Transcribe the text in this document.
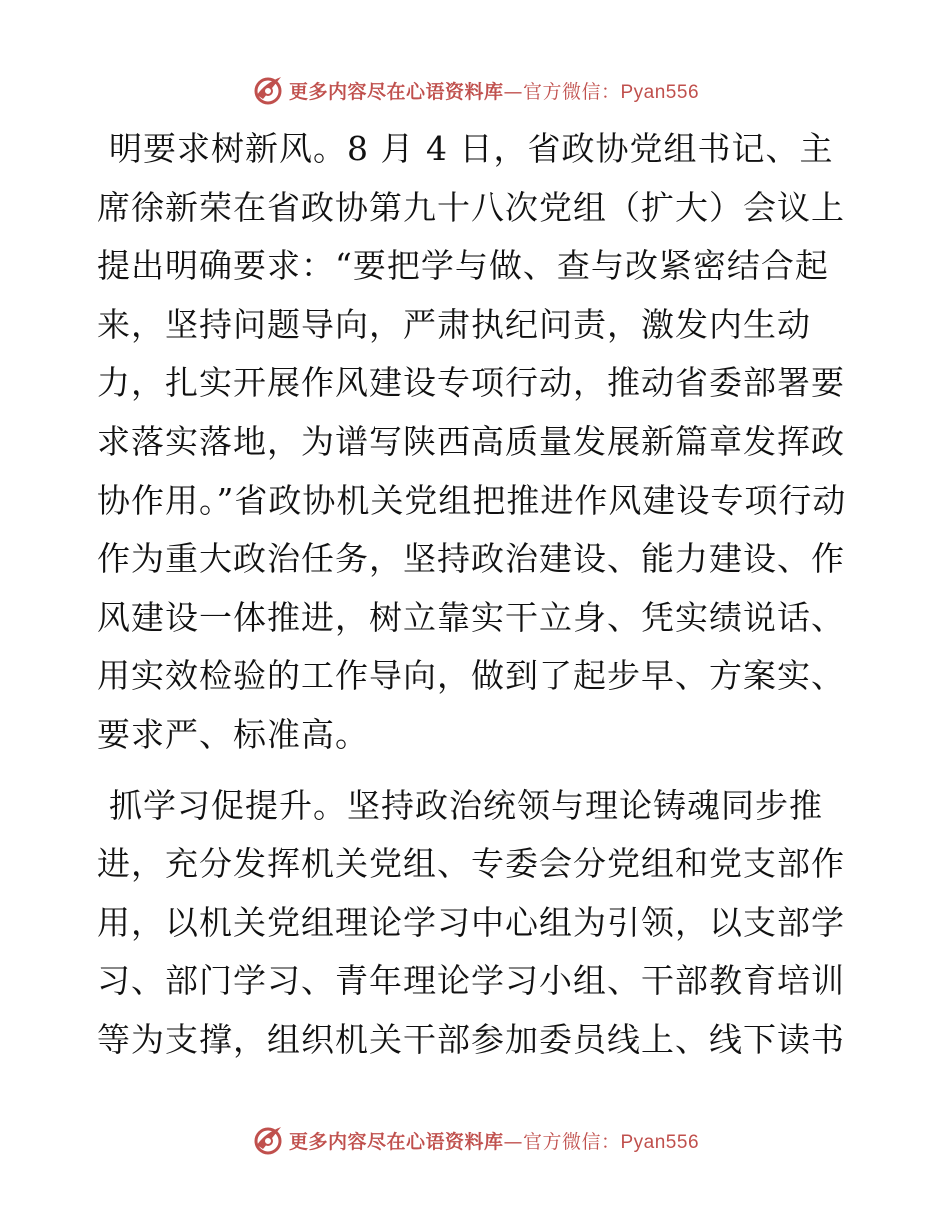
更多内容尽在心语资料库—官方微信：Pyan556

明要求树新风。8 月 4 日，省政协党组书记、主席徐新荣在省政协第九十八次党组（扩大）会议上提出明确要求：“要把学与做、查与改紧密结合起来，坚持问题导向，严肃执纪问责，激发内生动力，扎实开展作风建设专项行动，推动省委部署要求落实落地，为谱写陕西高质量发展新篇章发挥政协作用。”省政协机关党组把推进作风建设专项行动作为重大政治任务，坚持政治建设、能力建设、作风建设一体推进，树立靠实干立身、凭实绩说话、用实效检验的工作导向，做到了起步早、方案实、要求严、标准高。

抓学习促提升。坚持政治统领与理论铸魂同步推进，充分发挥机关党组、专委会分党组和党支部作用，以机关党组理论学习中心组为引领，以支部学习、部门学习、青年理论学习小组、干部教育培训等为支撑，组织机关干部参加委员线上、线下读书

更多内容尽在心语资料库—官方微信：Pyan556
